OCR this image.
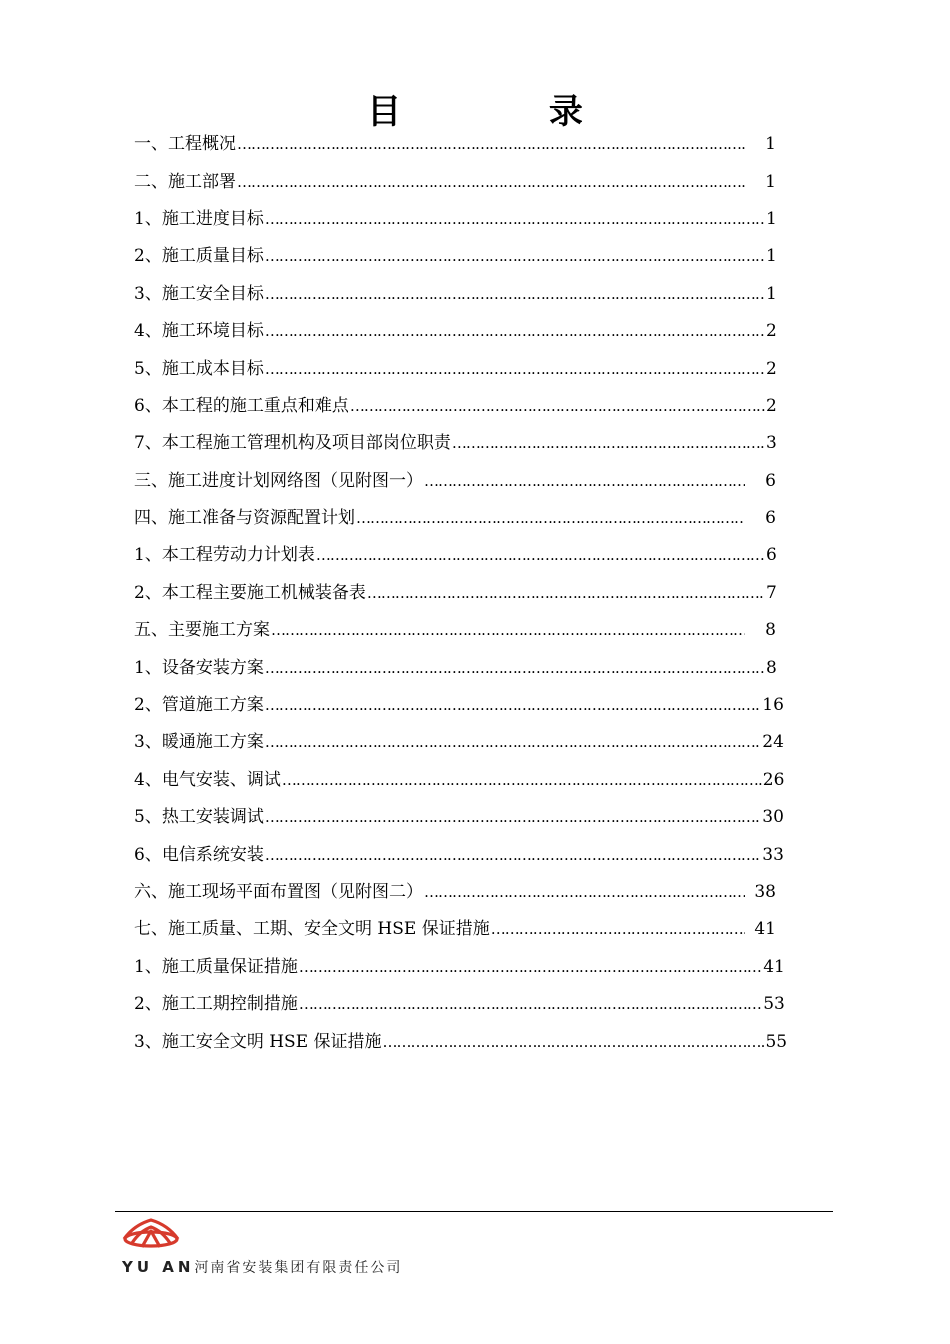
目 录
一、工程概况 ……………………………………………………………………………………………………………………………………………………	1
二、施工部署 ……………………………………………………………………………………………………………………………………………………	1
1、施工进度目标 ……………………………………………………………………………………………………………………………………………………	1
2、施工质量目标 ……………………………………………………………………………………………………………………………………………………	1
3、施工安全目标 ……………………………………………………………………………………………………………………………………………………	1
4、施工环境目标 ……………………………………………………………………………………………………………………………………………………	2
5、施工成本目标 ……………………………………………………………………………………………………………………………………………………	2
6、本工程的施工重点和难点 ……………………………………………………………………………………………………………………………………………………	2
7、本工程施工管理机构及项目部岗位职责 ……………………………………………………………………………………………………………………………………………………	3
三、施工进度计划网络图（见附图一） ……………………………………………………………………………………………………………………………………………………	6
四、施工准备与资源配置计划 ……………………………………………………………………………………………………………………………………………………	6
1、本工程劳动力计划表 ……………………………………………………………………………………………………………………………………………………	6
2、本工程主要施工机械装备表 ……………………………………………………………………………………………………………………………………………………	7
五、主要施工方案 ……………………………………………………………………………………………………………………………………………………	8
1、设备安装方案 ……………………………………………………………………………………………………………………………………………………	8
2、管道施工方案 ……………………………………………………………………………………………………………………………………………………	16
3、暖通施工方案 ……………………………………………………………………………………………………………………………………………………	24
4、电气安装、调试 ……………………………………………………………………………………………………………………………………………………	26
5、热工安装调试 ……………………………………………………………………………………………………………………………………………………	30
6、电信系统安装 ……………………………………………………………………………………………………………………………………………………	33
六、施工现场平面布置图（见附图二） ……………………………………………………………………………………………………………………………………………………	38
七、施工质量、工期、安全文明 HSE 保证措施 ……………………………………………………………………………………………………………………………………………………	41
1、施工质量保证措施 ……………………………………………………………………………………………………………………………………………………	41
2、施工工期控制措施 ……………………………………………………………………………………………………………………………………………………	53
3、施工安全文明 HSE 保证措施 ……………………………………………………………………………………………………………………………………………………	55
YU AN河南省安装集团有限责任公司
